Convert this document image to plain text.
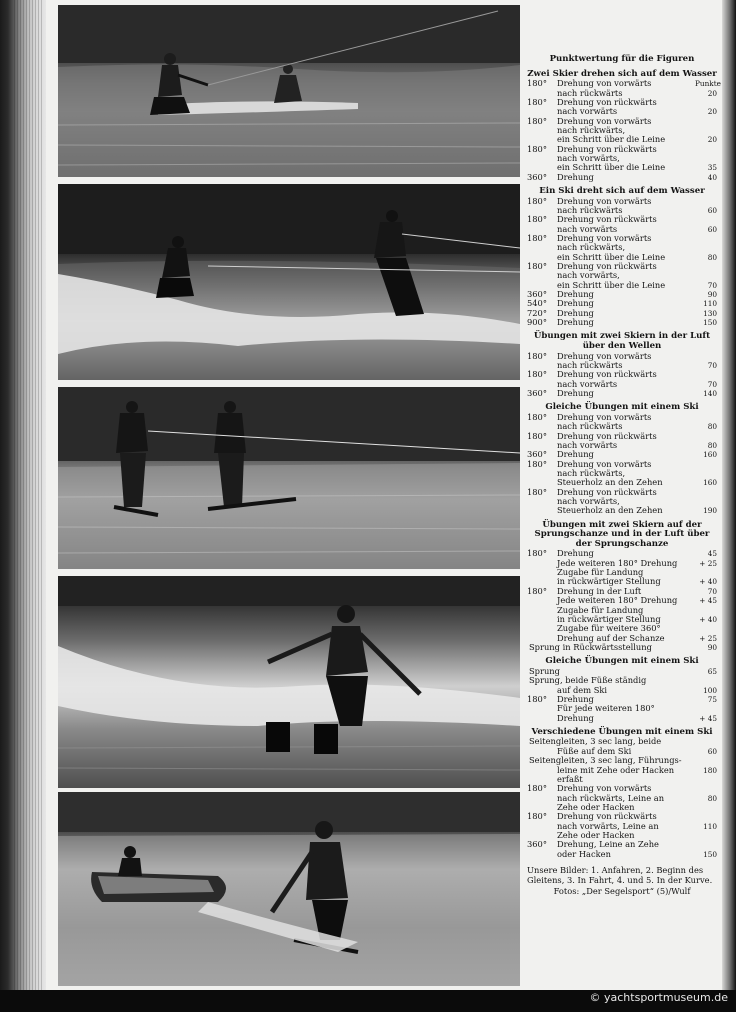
Punktwertung für die Figuren

Zwei Skier drehen sich auf dem Wasser

180°	Drehung von vorwärts	Punkte
nach rückwärts	20
180°	Drehung von rückwärts
nach vorwärts	20
180°	Drehung von vorwärts
nach rückwärts,
ein Schritt über die Leine	20
180°	Drehung von rückwärts
nach vorwärts,
ein Schritt über die Leine	35
360°	Drehung	40

Ein Ski dreht sich auf dem Wasser

180°	Drehung von vorwärts
nach rückwärts	60
180°	Drehung von rückwärts
nach vorwärts	60
180°	Drehung von vorwärts
nach rückwärts,
ein Schritt über die Leine	80
180°	Drehung von rückwärts
nach vorwärts,
ein Schritt über die Leine	70
360°	Drehung	90
540°	Drehung	110
720°	Drehung	130
900°	Drehung	150

Übungen mit zwei Skiern in der Luft über den Wellen

180°	Drehung von vorwärts
nach rückwärts	70
180°	Drehung von rückwärts
nach vorwärts	70
360°	Drehung	140

Gleiche Übungen mit einem Ski

180°	Drehung von vorwärts
nach rückwärts	80
180°	Drehung von rückwärts
nach vorwärts	80
360°	Drehung	160
180°	Drehung von vorwärts
nach rückwärts,
Steuerholz an den Zehen	160
180°	Drehung von rückwärts
nach vorwärts,
Steuerholz an den Zehen	190

Übungen mit zwei Skiern auf der Sprungschanze und in der Luft über der Sprungschanze

180°	Drehung	45
Jede weiteren 180° Drehung	+ 25
Zugabe für Landung
in rückwärtiger Stellung	+ 40
180°	Drehung in der Luft	70
Jede weiteren 180° Drehung	+ 45
Zugabe für Landung
in rückwärtiger Stellung	+ 40
Zugabe für weitere 360°
Drehung auf der Schanze	+ 25
Sprung in Rückwärtsstellung	90

Gleiche Übungen mit einem Ski

Sprung	65
Sprung, beide Füße ständig
auf dem Ski	100
180°	Drehung	75
Für jede weiteren 180°
Drehung	+ 45

Verschiedene Übungen mit einem Ski

Seitengleiten, 3 sec lang, beide
Füße auf dem Ski	60
Seitengleiten, 3 sec lang, Führungs-
leine mit Zehe oder Hacken	180
erfaßt
180°	Drehung von vorwärts
nach rückwärts, Leine an	80
Zehe oder Hacken
180°	Drehung von rückwärts
nach vorwärts, Leine an	110
Zehe oder Hacken
360°	Drehung, Leine an Zehe
oder Hacken	150
Unsere Bilder: 1. Anfahren, 2. Beginn des Gleitens, 3. In Fahrt, 4. und 5. In der Kurve.
Fotos: „Der Segelsport“ (5)/Wulf
© yachtsportmuseum.de
